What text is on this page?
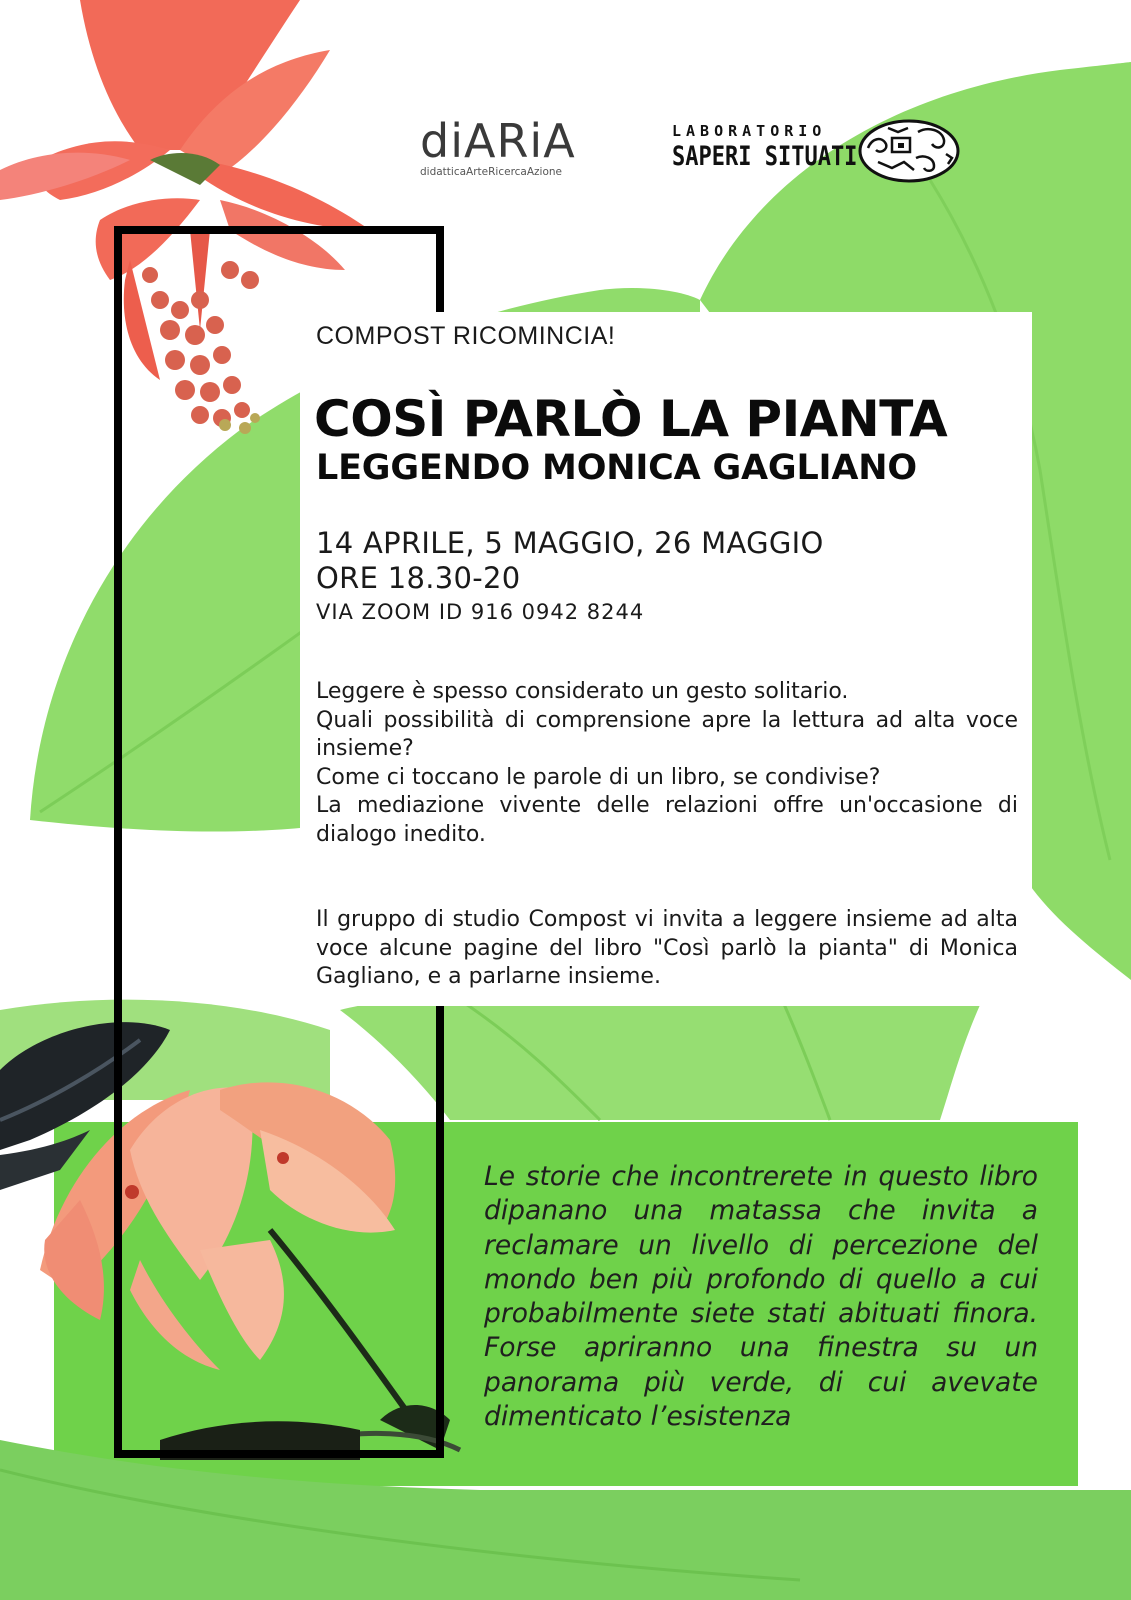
diARiA
didatticaArteRicercaAzione
LABORATORIO
SAPERI SITUATI

COMPOST RICOMINCIA!

COSÌ PARLÒ LA PIANTA

LEGGENDO MONICA GAGLIANO

14 APRILE, 5 MAGGIO, 26 MAGGIO

ORE 18.30-20

VIA ZOOM ID 916 0942 8244

Leggere è spesso considerato un gesto solitario.

Quali possibilità di comprensione apre la lettura ad alta voce insieme?

Come ci toccano le parole di un libro, se condivise?

La mediazione vivente delle relazioni offre un'occasione di dialogo inedito.

Il gruppo di studio Compost vi invita a leggere insieme ad alta voce alcune pagine del libro "Così parlò la pianta" di Monica Gagliano, e a parlarne insieme.

Le storie che incontrerete in questo libro dipanano una matassa che invita a reclamare un livello di percezione del mondo ben più profondo di quello a cui probabilmente siete stati abituati finora. Forse apriranno una finestra su un panorama più verde, di cui avevate dimenticato l’esistenza
